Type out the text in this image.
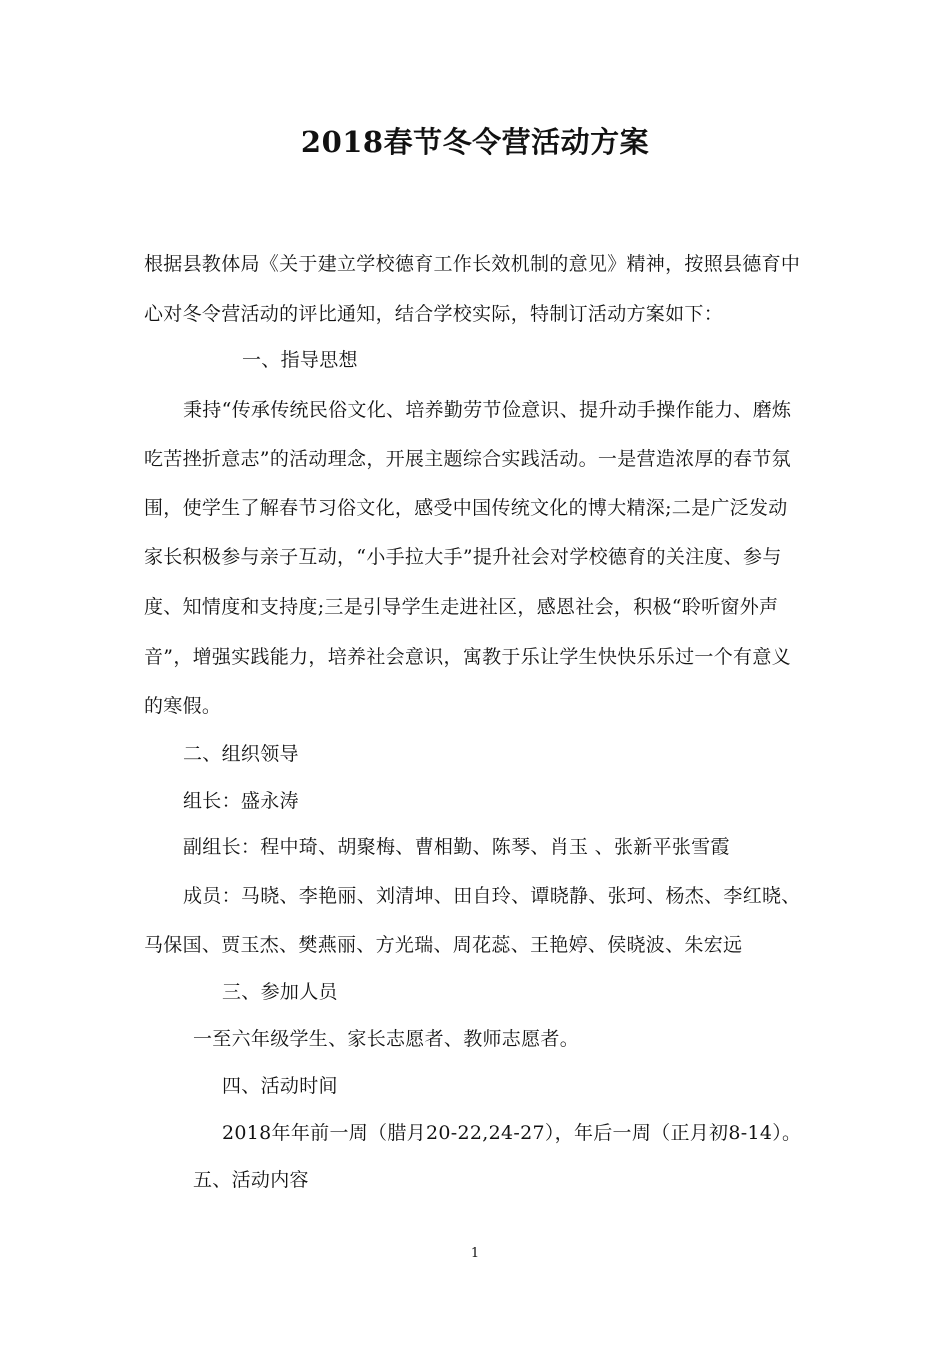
2018春节冬令营活动方案
根据县教体局《关于建立学校德育工作长效机制的意见》精神，按照县德育中
心对冬令营活动的评比通知，结合学校实际，特制订活动方案如下：
一、指导思想
秉持“传承传统民俗文化、培养勤劳节俭意识、提升动手操作能力、磨炼
吃苦挫折意志”的活动理念，开展主题综合实践活动。一是营造浓厚的春节氛
围，使学生了解春节习俗文化，感受中国传统文化的博大精深;二是广泛发动
家长积极参与亲子互动，“小手拉大手”提升社会对学校德育的关注度、参与
度、知情度和支持度;三是引导学生走进社区，感恩社会，积极“聆听窗外声
音”，增强实践能力，培养社会意识，寓教于乐让学生快快乐乐过一个有意义
的寒假。
二、组织领导
组长：盛永涛
副组长：程中琦、胡聚梅、曹相勤、陈琴、肖玉 、张新平张雪霞
成员：马晓、李艳丽、刘清坤、田自玲、谭晓静、张珂、杨杰、李红晓、
马保国、贾玉杰、樊燕丽、方光瑞、周花蕊、王艳婷、侯晓波、朱宏远
三、参加人员
一至六年级学生、家长志愿者、教师志愿者。
四、活动时间
2018年年前一周（腊月20-22,24-27），年后一周（正月初8-14）。
五、活动内容
1
